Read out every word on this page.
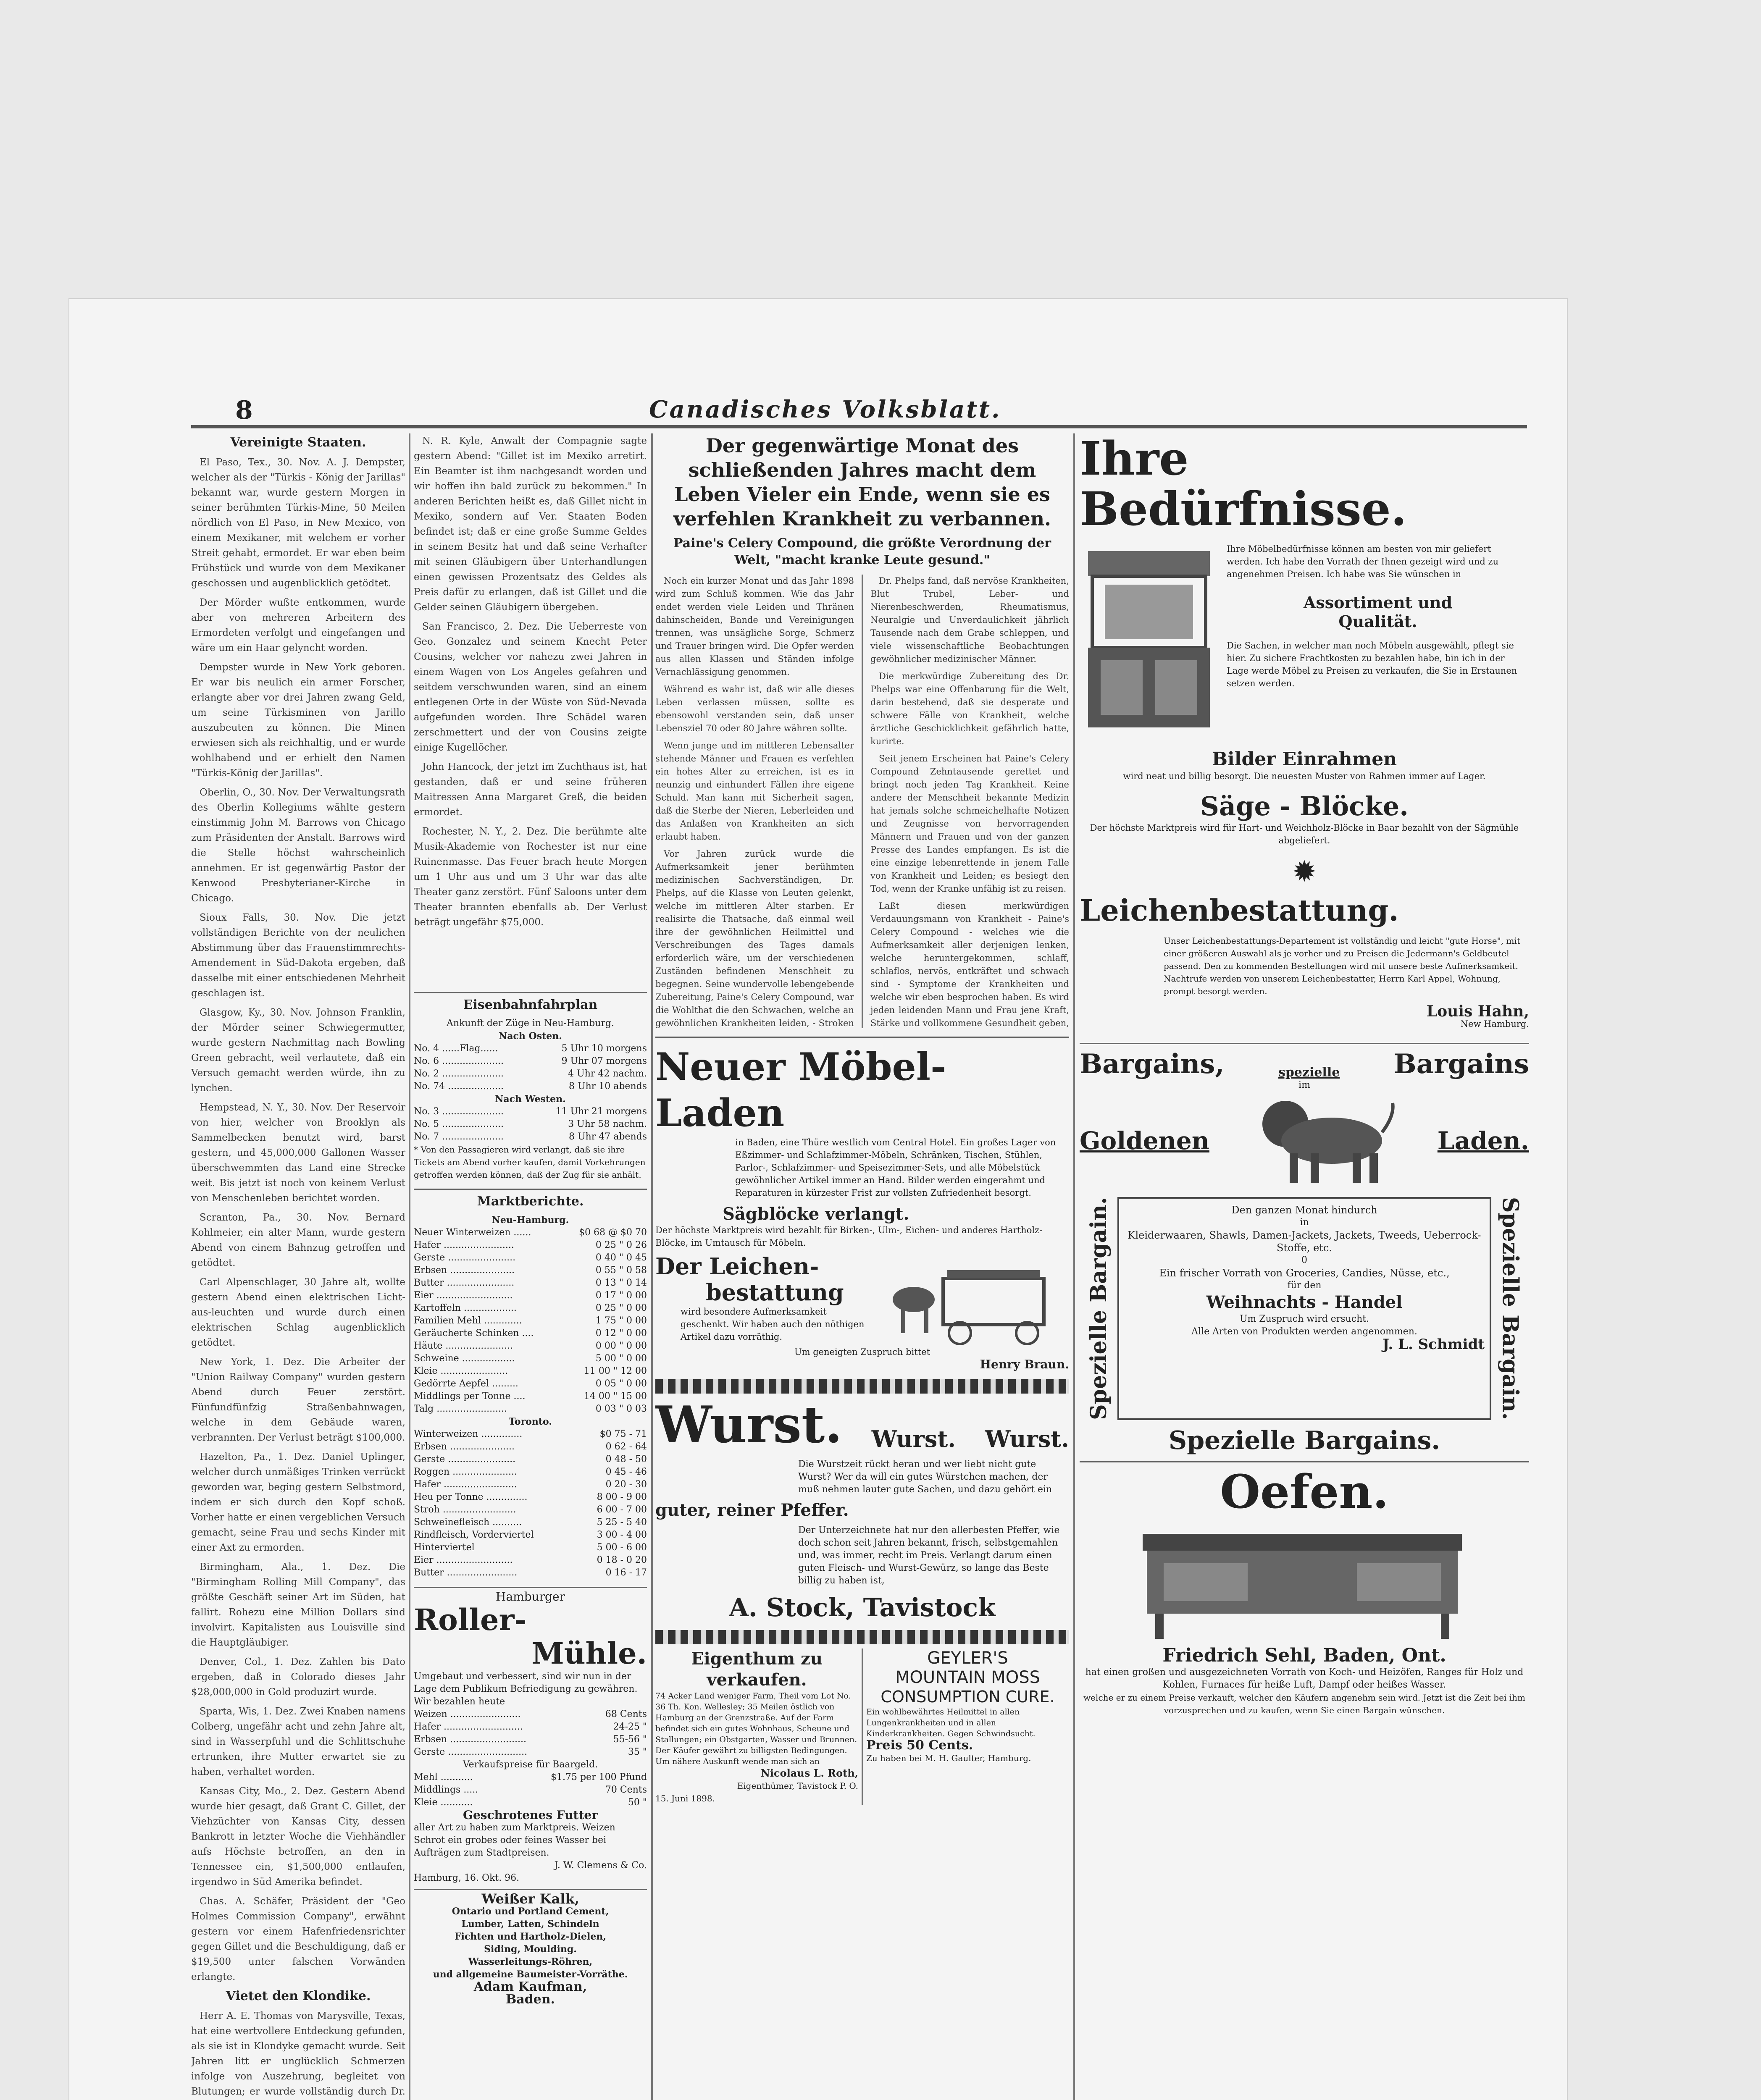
8	Canadisches Volksblatt.
Vereinigte Staaten.

El Paso, Tex., 30. Nov. A. J. Dempster, welcher als der "Türkis - König der Jarillas" bekannt war, wurde gestern Morgen in seiner berühmten Türkis-Mine, 50 Meilen nördlich von El Paso, in New Mexico, von einem Mexikaner, mit welchem er vorher Streit gehabt, ermordet. Er war eben beim Frühstück und wurde von dem Mexikaner geschossen und augenblicklich getödtet.

Der Mörder wußte entkommen, wurde aber von mehreren Arbeitern des Ermordeten verfolgt und eingefangen und wäre um ein Haar gelyncht worden.

Dempster wurde in New York geboren. Er war bis neulich ein armer Forscher, erlangte aber vor drei Jahren zwang Geld, um seine Türkisminen von Jarillo auszubeuten zu können. Die Minen erwiesen sich als reichhaltig, und er wurde wohlhabend und er erhielt den Namen "Türkis-König der Jarillas".

Oberlin, O., 30. Nov. Der Verwaltungsrath des Oberlin Kollegiums wählte gestern einstimmig John M. Barrows von Chicago zum Präsidenten der Anstalt. Barrows wird die Stelle höchst wahrscheinlich annehmen. Er ist gegenwärtig Pastor der Kenwood Presbyterianer-Kirche in Chicago.

Sioux Falls, 30. Nov. Die jetzt vollständigen Berichte von der neulichen Abstimmung über das Frauenstimmrechts-Amendement in Süd-Dakota ergeben, daß dasselbe mit einer entschiedenen Mehrheit geschlagen ist.

Glasgow, Ky., 30. Nov. Johnson Franklin, der Mörder seiner Schwiegermutter, wurde gestern Nachmittag nach Bowling Green gebracht, weil verlautete, daß ein Versuch gemacht werden würde, ihn zu lynchen.

Hempstead, N. Y., 30. Nov. Der Reservoir von hier, welcher von Brooklyn als Sammelbecken benutzt wird, barst gestern, und 45,000,000 Gallonen Wasser überschwemmten das Land eine Strecke weit. Bis jetzt ist noch von keinem Verlust von Menschenleben berichtet worden.

Scranton, Pa., 30. Nov. Bernard Kohlmeier, ein alter Mann, wurde gestern Abend von einem Bahnzug getroffen und getödtet.

Carl Alpenschlager, 30 Jahre alt, wollte gestern Abend einen elektrischen Licht-aus-leuchten und wurde durch einen elektrischen Schlag augenblicklich getödtet.

New York, 1. Dez. Die Arbeiter der "Union Railway Company" wurden gestern Abend durch Feuer zerstört. Fünfundfünfzig Straßenbahnwagen, welche in dem Gebäude waren, verbrannten. Der Verlust beträgt $100,000.

Hazelton, Pa., 1. Dez. Daniel Uplinger, welcher durch unmäßiges Trinken verrückt geworden war, beging gestern Selbstmord, indem er sich durch den Kopf schoß. Vorher hatte er einen vergeblichen Versuch gemacht, seine Frau und sechs Kinder mit einer Axt zu ermorden.

Birmingham, Ala., 1. Dez. Die "Birmingham Rolling Mill Company", das größte Geschäft seiner Art im Süden, hat fallirt. Rohezu eine Million Dollars sind involvirt. Kapitalisten aus Louisville sind die Hauptgläubiger.

Denver, Col., 1. Dez. Zahlen bis Dato ergeben, daß in Colorado dieses Jahr $28,000,000 in Gold produzirt wurde.

Sparta, Wis, 1. Dez. Zwei Knaben namens Colberg, ungefähr acht und zehn Jahre alt, sind in Wasserpfuhl und die Schlittschuhe ertrunken, ihre Mutter erwartet sie zu haben, verhaltet worden.

Kansas City, Mo., 2. Dez. Gestern Abend wurde hier gesagt, daß Grant C. Gillet, der Viehzüchter von Kansas City, dessen Bankrott in letzter Woche die Viehhändler aufs Höchste betroffen, an den in Tennessee ein, $1,500,000 entlaufen, irgendwo in Süd Amerika befindet.

Chas. A. Schäfer, Präsident der "Geo Holmes Commission Company", erwähnt gestern vor einem Hafenfriedensrichter gegen Gillet und die Beschuldigung, daß er $19,500 unter falschen Vorwänden erlangte.

Vietet den Klondike.

Herr A. E. Thomas von Marysville, Texas, hat eine wertvollere Entdeckung gefunden, als sie ist in Klondyke gemacht wurde. Seit Jahren litt er unglücklich Schmerzen infolge von Auszehrung, begleitet von Blutungen; er wurde vollständig durch Dr.

N. R. Kyle, Anwalt der Compagnie sagte gestern Abend: "Gillet ist im Mexiko arretirt. Ein Beamter ist ihm nachgesandt worden und wir hoffen ihn bald zurück zu bekommen." In anderen Berichten heißt es, daß Gillet nicht in Mexiko, sondern auf Ver. Staaten Boden befindet ist; daß er eine große Summe Geldes in seinem Besitz hat und daß seine Verhafter mit seinen Gläubigern über Unterhandlungen einen gewissen Prozentsatz des Geldes als Preis dafür zu erlangen, daß ist Gillet und die Gelder seinen Gläubigern übergeben.

San Francisco, 2. Dez. Die Ueberreste von Geo. Gonzalez und seinem Knecht Peter Cousins, welcher vor nahezu zwei Jahren in einem Wagen von Los Angeles gefahren und seitdem verschwunden waren, sind an einem entlegenen Orte in der Wüste von Süd-Nevada aufgefunden worden. Ihre Schädel waren zerschmettert und der von Cousins zeigte einige Kugellöcher.

John Hancock, der jetzt im Zuchthaus ist, hat gestanden, daß er und seine früheren Maitressen Anna Margaret Greß, die beiden ermordet.

Rochester, N. Y., 2. Dez. Die berühmte alte Musik-Akademie von Rochester ist nur eine Ruinenmasse. Das Feuer brach heute Morgen um 1 Uhr aus und um 3 Uhr war das alte Theater ganz zerstört. Fünf Saloons unter dem Theater brannten ebenfalls ab. Der Verlust beträgt ungefähr $75,000.

Eisenbahnfahrplan

Ankunft der Züge in Neu-Hamburg.

Nach Osten.

No. 4 ......Flag......	5 Uhr 10 morgens
No. 6 .....................	9 Uhr 07 morgens
No. 2 .....................	4 Uhr 42 nachm.
No. 74 ...................	8 Uhr 10 abends

Nach Westen.

No. 3 .....................	11 Uhr 21 morgens
No. 5 .....................	3 Uhr 58 nachm.
No. 7 .....................	8 Uhr 47 abends

* Von den Passagieren wird verlangt, daß sie ihre Tickets am Abend vorher kaufen, damit Vorkehrungen getroffen werden können, daß der Zug für sie anhält.

Marktberichte.

Neu-Hamburg.

Neuer Winterweizen ......	$0 68 @ $0 70
Hafer ........................	0 25 " 0 26
Gerste .......................	0 40 " 0 45
Erbsen ......................	0 55 " 0 58
Butter .......................	0 13 " 0 14
Eier ..........................	0 17 " 0 00
Kartoffeln ..................	0 25 " 0 00
Familien Mehl .............	1 75 " 0 00
Geräucherte Schinken ....	0 12 " 0 00
Häute .......................	0 00 " 0 00
Schweine ..................	5 00 " 0 00
Kleie .......................	11 00 " 12 00
Gedörrte Aepfel .........	0 05 " 0 00
Middlings per Tonne ....	14 00 " 15 00
Talg ........................	0 03 " 0 03

Toronto.

Winterweizen ..............	$0 75 - 71
Erbsen ......................	0 62 - 64
Gerste .......................	0 48 - 50
Roggen ......................	0 45 - 46
Hafer .........................	0 20 - 30
Heu per Tonne ..............	8 00 - 9 00
Stroh .........................	6 00 - 7 00
Schweinefleisch ..........	5 25 - 5 40
Rindfleisch, Vorderviertel	3 00 - 4 00
Hinterviertel	5 00 - 6 00
Eier ..........................	0 18 - 0 20
Butter ........................	0 16 - 17

Hamburger

Roller-
Mühle.

Umgebaut und verbessert, sind wir nun in der Lage dem Publikum Befriedigung zu gewähren. Wir bezahlen heute

Weizen ........................	68 Cents
Hafer ...........................	24-25 "
Erbsen ..........................	55-56 "
Gerste ...........................	35 "

Verkaufspreise für Baargeld.

Mehl ...........	$1.75 per 100 Pfund
Middlings .....	70 Cents
Kleie ...........	50 "

Geschrotenes Futter

aller Art zu haben zum Marktpreis. Weizen Schrot ein grobes oder feines Wasser bei Aufträgen zum Stadtpreisen.

J. W. Clemens & Co.

Hamburg, 16. Okt. 96.

Weißer Kalk,

Ontario und Portland Cement,

Lumber, Latten, Schindeln

Fichten und Hartholz-Dielen,

Siding, Moulding.

Wasserleitungs-Röhren,

und allgemeine Baumeister-Vorräthe.

Adam Kaufman,

Baden.

Der gegenwärtige Monat des schließenden Jahres macht dem Leben Vieler ein Ende, wenn sie es verfehlen Krankheit zu verbannen.
Paine's Celery Compound, die größte Verordnung der Welt, "macht kranke Leute gesund."

Noch ein kurzer Monat und das Jahr 1898 wird zum Schluß kommen. Wie das Jahr endet werden viele Leiden und Thränen dahinscheiden, Bande und Vereinigungen trennen, was unsägliche Sorge, Schmerz und Trauer bringen wird. Die Opfer werden aus allen Klassen und Ständen infolge Vernachlässigung genommen.

Während es wahr ist, daß wir alle dieses Leben verlassen müssen, sollte es ebensowohl verstanden sein, daß unser Lebensziel 70 oder 80 Jahre währen sollte.

Wenn junge und im mittleren Lebensalter stehende Männer und Frauen es verfehlen ein hohes Alter zu erreichen, ist es in neunzig und einhundert Fällen ihre eigene Schuld. Man kann mit Sicherheit sagen, daß die Sterbe der Nieren, Leberleiden und das Anlaßen von Krankheiten an sich erlaubt haben.

Vor Jahren zurück wurde die Aufmerksamkeit jener berühmten medizinischen Sachverständigen, Dr. Phelps, auf die Klasse von Leuten gelenkt, welche im mittleren Alter starben. Er realisirte die Thatsache, daß einmal weil ihre der gewöhnlichen Heilmittel und Verschreibungen des Tages damals erforderlich wäre, um der verschiedenen Zuständen befindenen Menschheit zu begegnen. Seine wundervolle lebengebende Zubereitung, Paine's Celery Compound, war die Wohlthat die den Schwachen, welche an gewöhnlichen Krankheiten leiden, - Stroken

Dr. Phelps fand, daß nervöse Krankheiten, Blut Trubel, Leber- und Nierenbeschwerden, Rheumatismus, Neuralgie und Unverdaulichkeit jährlich Tausende nach dem Grabe schleppen, und viele wissenschaftliche Beobachtungen gewöhnlicher medizinischer Männer.

Die merkwürdige Zubereitung des Dr. Phelps war eine Offenbarung für die Welt, darin bestehend, daß sie desperate und schwere Fälle von Krankheit, welche ärztliche Geschicklichkeit gefährlich hatte, kurirte.

Seit jenem Erscheinen hat Paine's Celery Compound Zehntausende gerettet und bringt noch jeden Tag Krankheit. Keine andere der Menschheit bekannte Medizin hat jemals solche schmeichelhafte Notizen und Zeugnisse von hervorragenden Männern und Frauen und von der ganzen Presse des Landes empfangen. Es ist die eine einzige lebenrettende in jenem Falle von Krankheit und Leiden; es besiegt den Tod, wenn der Kranke unfähig ist zu reisen.

Laßt diesen merkwürdigen Verdauungsmann von Krankheit - Paine's Celery Compound - welches wie die Aufmerksamkeit aller derjenigen lenken, welche heruntergekommen, schlaff, schlaflos, nervös, entkräftet und schwach sind - Symptome der Krankheiten und welche wir eben besprochen haben. Es wird jeden leidenden Mann und Frau jene Kraft, Stärke und vollkommene Gesundheit geben,

Neuer Möbel-Laden

in Baden, eine Thüre westlich vom Central Hotel. Ein großes Lager von Eßzimmer- und Schlafzimmer-Möbeln, Schränken, Tischen, Stühlen, Parlor-, Schlafzimmer- und Speisezimmer-Sets, und alle Möbelstück gewöhnlicher Artikel immer an Hand. Bilder werden eingerahmt und Reparaturen in kürzester Frist zur vollsten Zufriedenheit besorgt.

Sägblöcke verlangt.

Der höchste Marktpreis wird bezahlt für Birken-, Ulm-, Eichen- und anderes Hartholz-Blöcke, im Umtausch für Möbeln.

Der Leichen-
bestattung

wird besondere Aufmerksamkeit geschenkt. Wir haben auch den nöthigen Artikel dazu vorräthig.

Um geneigten Zuspruch bittet

Henry Braun.

Wurst. Wurst. Wurst.

Die Wurstzeit rückt heran und wer liebt nicht gute Wurst? Wer da will ein gutes Würstchen machen, der muß nehmen lauter gute Sachen, und dazu gehört ein

guter, reiner Pfeffer.

Der Unterzeichnete hat nur den allerbesten Pfeffer, wie doch schon seit Jahren bekannt, frisch, selbstgemahlen und, was immer, recht im Preis. Verlangt darum einen guten Fleisch- und Wurst-Gewürz, so lange das Beste billig zu haben ist,

A. Stock, Tavistock
Eigenthum zu verkaufen.

74 Acker Land weniger Farm, Theil vom Lot No. 36 Th. Kon. Wellesley; 35 Meilen östlich von Hamburg an der Grenzstraße. Auf der Farm befindet sich ein gutes Wohnhaus, Scheune und Stallungen; ein Obstgarten, Wasser und Brunnen. Der Käufer gewährt zu billigsten Bedingungen. Um nähere Auskunft wende man sich an

Nicolaus L. Roth,

Eigenthümer, Tavistock P. O.

15. Juni 1898.

GEYLER'S
MOUNTAIN MOSS
CONSUMPTION CURE.

Ein wohlbewährtes Heilmittel in allen Lungenkrankheiten und in allen Kinderkrankheiten. Gegen Schwindsucht.

Preis 50 Cents.

Zu haben bei M. H. Gaulter, Hamburg.

Ihre
Bedürfnisse.

Ihre Möbelbedürfnisse können am besten von mir geliefert werden. Ich habe den Vorrath der Ihnen gezeigt wird und zu angenehmen Preisen. Ich habe was Sie wünschen in

Assortiment und
Qualität.

Die Sachen, in welcher man noch Möbeln ausgewählt, pflegt sie hier. Zu sichere Frachtkosten zu bezahlen habe, bin ich in der Lage werde Möbel zu Preisen zu verkaufen, die Sie in Erstaunen setzen werden.

Bilder Einrahmen

wird neat und billig besorgt. Die neuesten Muster von Rahmen immer auf Lager.

Säge - Blöcke.

Der höchste Marktpreis wird für Hart- und Weichholz-Blöcke in Baar bezahlt von der Sägmühle abgeliefert.

✹
Leichenbestattung.

Unser Leichenbestattungs-Departement ist vollständig und leicht "gute Horse", mit einer größeren Auswahl als je vorher und zu Preisen die Jedermann's Geldbeutel passend. Den zu kommenden Bestellungen wird mit unsere beste Aufmerksamkeit. Nachtrufe werden von unserem Leichenbestatter, Herrn Karl Appel, Wohnung, prompt besorgt werden.

Louis Hahn,

New Hamburg.

Bargains,	spezielle Bargains
im
Goldenen	Laden.
Spezielle Bargain.	Den ganzen Monat hindurch

in

Kleiderwaaren, Shawls, Damen-Jackets, Jackets, Tweeds, Ueberrock-Stoffe, etc.

0

Ein frischer Vorrath von Groceries, Candies, Nüsse, etc.,

für den

Weihnachts - Handel

Um Zuspruch wird ersucht.

Alle Arten von Produkten werden angenommen.

J. L. Schmidt Spezielle Bargain.
Spezielle Bargains.
Oefen.
Friedrich Sehl, Baden, Ont.

hat einen großen und ausgezeichneten Vorrath von Koch- und Heizöfen, Ranges für Holz und Kohlen, Furnaces für heiße Luft, Dampf oder heißes Wasser.

welche er zu einem Preise verkauft, welcher den Käufern angenehm sein wird. Jetzt ist die Zeit bei ihm vorzusprechen und zu kaufen, wenn Sie einen Bargain wünschen.
